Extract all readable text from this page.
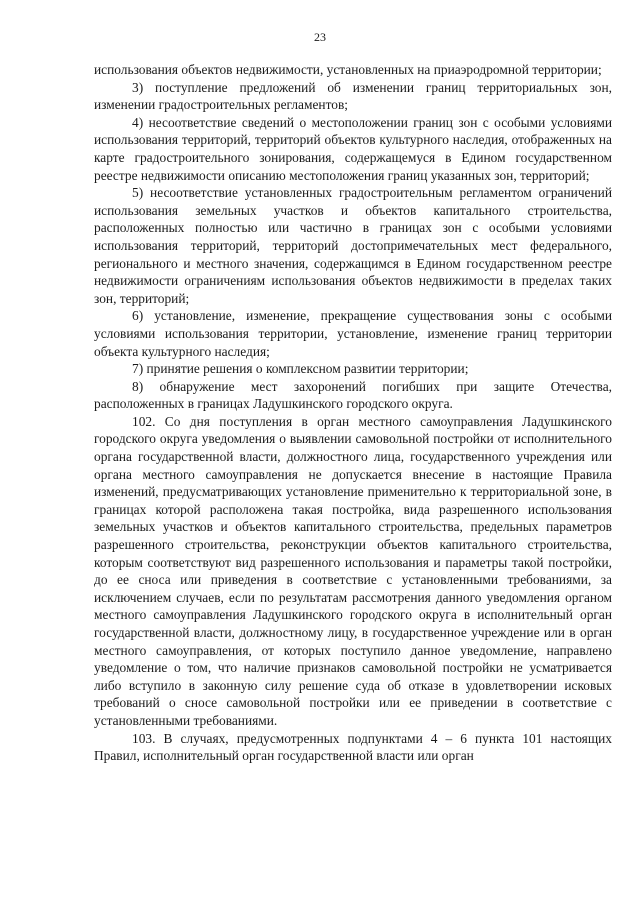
23

использования объектов недвижимости, установленных на приаэродромной территории;

3) поступление предложений об изменении границ территориальных зон, изменении градостроительных регламентов;

4) несоответствие сведений о местоположении границ зон с особыми условиями использования территорий, территорий объектов культурного наследия, отображенных на карте градостроительного зонирования, содержащемуся в Едином государственном реестре недвижимости описанию местоположения границ указанных зон, территорий;

5) несоответствие установленных градостроительным регламентом ограничений использования земельных участков и объектов капитального строительства, расположенных полностью или частично в границах зон с особыми условиями использования территорий, территорий достопримечательных мест федерального, регионального и местного значения, содержащимся в Едином государственном реестре недвижимости ограничениям использования объектов недвижимости в пределах таких зон, территорий;

6) установление, изменение, прекращение существования зоны с особыми условиями использования территории, установление, изменение границ территории объекта культурного наследия;

7) принятие решения о комплексном развитии территории;

8) обнаружение мест захоронений погибших при защите Отечества, расположенных в границах Ладушкинского городского округа.

102. Со дня поступления в орган местного самоуправления Ладушкинского городского округа уведомления о выявлении самовольной постройки от исполнительного органа государственной власти, должностного лица, государственного учреждения или органа местного самоуправления не допускается внесение в настоящие Правила изменений, предусматривающих установление применительно к территориальной зоне, в границах которой расположена такая постройка, вида разрешенного использования земельных участков и объектов капитального строительства, предельных параметров разрешенного строительства, реконструкции объектов капитального строительства, которым соответствуют вид разрешенного использования и параметры такой постройки, до ее сноса или приведения в соответствие с установленными требованиями, за исключением случаев, если по результатам рассмотрения данного уведомления органом местного самоуправления Ладушкинского городского округа в исполнительный орган государственной власти, должностному лицу, в государственное учреждение или в орган местного самоуправления, от которых поступило данное уведомление, направлено уведомление о том, что наличие признаков самовольной постройки не усматривается либо вступило в законную силу решение суда об отказе в удовлетворении исковых требований о сносе самовольной постройки или ее приведении в соответствие с установленными требованиями.

103. В случаях, предусмотренных подпунктами 4 – 6 пункта 101 настоящих Правил, исполнительный орган государственной власти или орган
